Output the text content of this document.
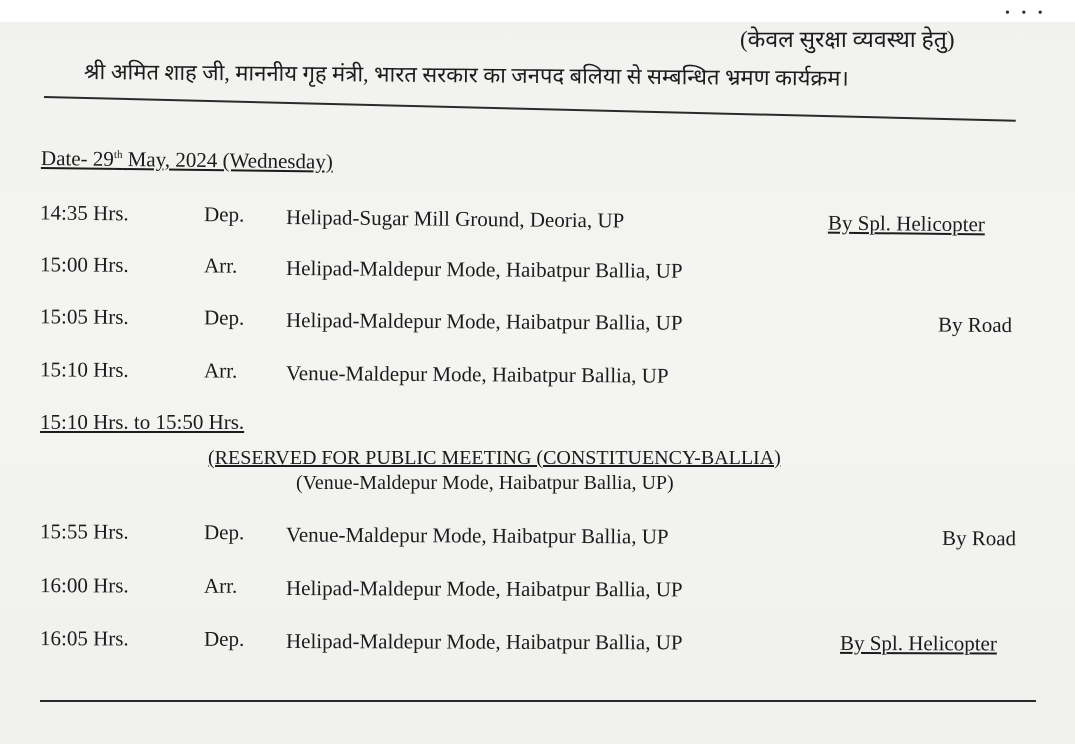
• • •
(केवल सुरक्षा व्यवस्था हेतु)
श्री अमित शाह जी, माननीय गृह मंत्री, भारत सरकार का जनपद बलिया से सम्बन्धित भ्रमण कार्यक्रम।
Date- 29th May, 2024 (Wednesday)
14:35 Hrs.	Dep. Helipad-Sugar Mill Ground, Deoria, UP	By Spl. Helicopter
15:00 Hrs.	Arr. Helipad-Maldepur Mode, Haibatpur Ballia, UP
15:05 Hrs.	Dep. Helipad-Maldepur Mode, Haibatpur Ballia, UP	By Road
15:10 Hrs.	Arr. Venue-Maldepur Mode, Haibatpur Ballia, UP
15:10 Hrs. to 15:50 Hrs.
(RESERVED FOR PUBLIC MEETING (CONSTITUENCY-BALLIA)
(Venue-Maldepur Mode, Haibatpur Ballia, UP)
15:55 Hrs.	Dep. Venue-Maldepur Mode, Haibatpur Ballia, UP	By Road
16:00 Hrs.	Arr. Helipad-Maldepur Mode, Haibatpur Ballia, UP
16:05 Hrs.	Dep. Helipad-Maldepur Mode, Haibatpur Ballia, UP	By Spl. Helicopter
